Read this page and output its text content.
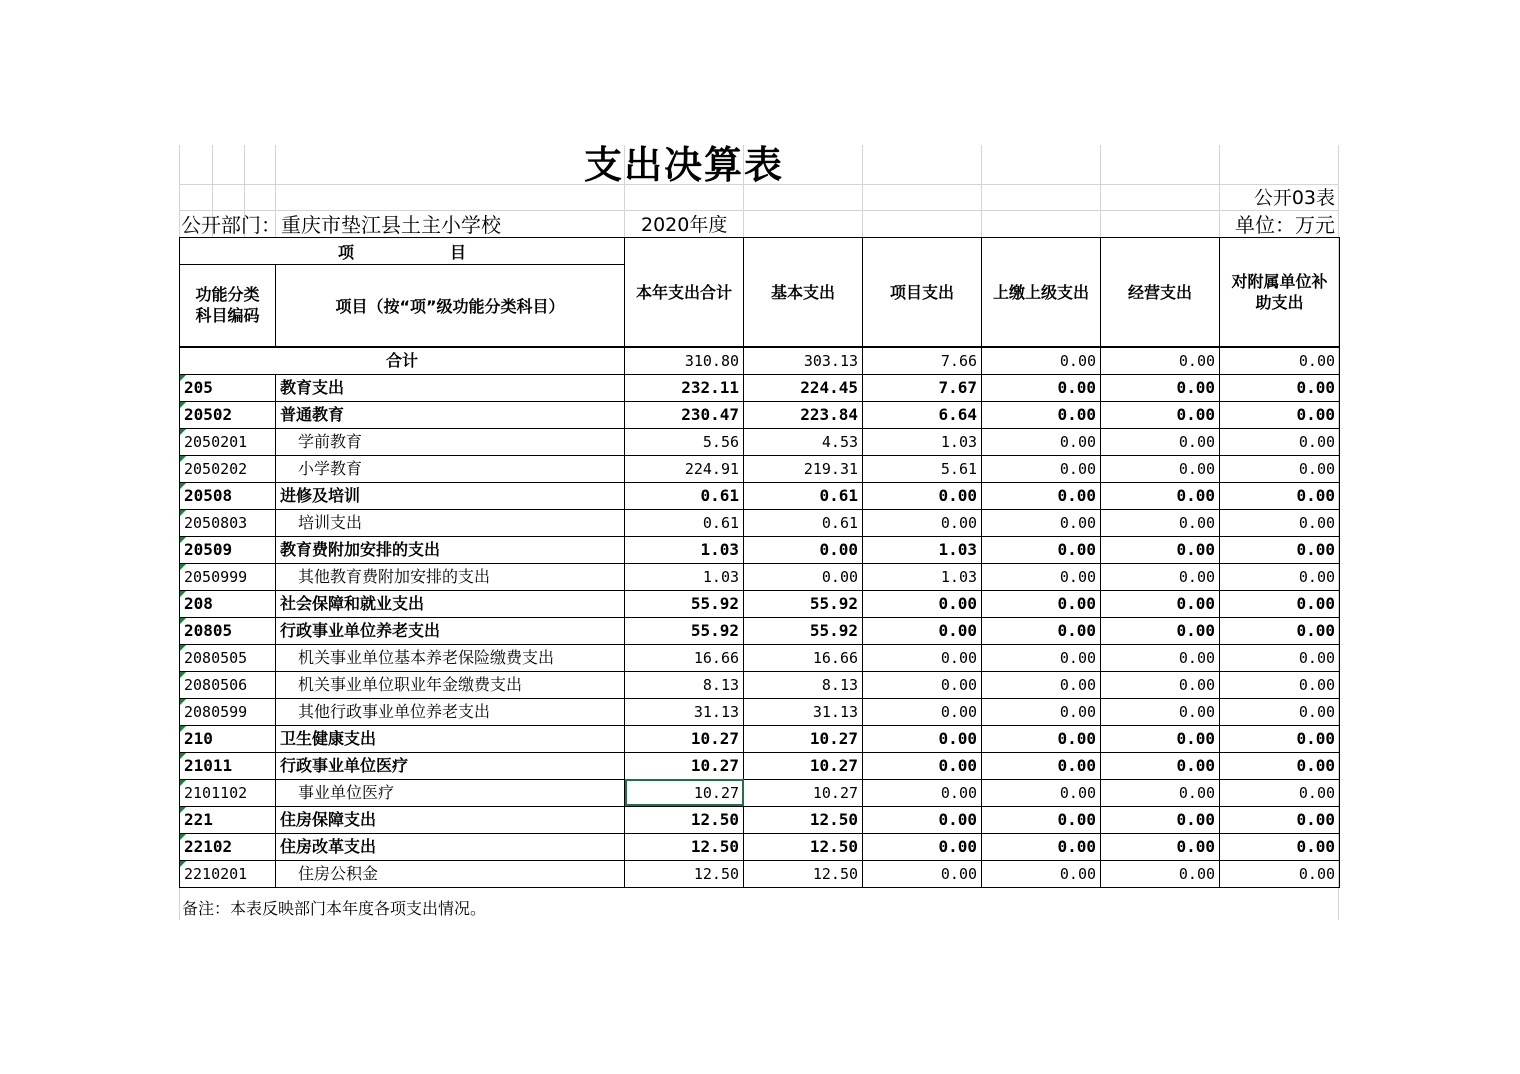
支出决算表
公开03表
公开部门：重庆市垫江县土主小学校	2020年度	单位：万元
项　　　　　　目		本年支出合计	基本支出	项目支出	上缴上级支出	经营支出	对附属单位补助支出
功能分类
科目编码	项目（按“项”级功能分类科目）						
合计		310.80	303.13	7.66	0.00	0.00	0.00
205	教育支出	232.11	224.45	7.67	0.00	0.00	0.00
20502	普通教育	230.47	223.84	6.64	0.00	0.00	0.00
2050201	学前教育	5.56	4.53	1.03	0.00	0.00	0.00
2050202	小学教育	224.91	219.31	5.61	0.00	0.00	0.00
20508	进修及培训	0.61	0.61	0.00	0.00	0.00	0.00
2050803	培训支出	0.61	0.61	0.00	0.00	0.00	0.00
20509	教育费附加安排的支出	1.03	0.00	1.03	0.00	0.00	0.00
2050999	其他教育费附加安排的支出	1.03	0.00	1.03	0.00	0.00	0.00
208	社会保障和就业支出	55.92	55.92	0.00	0.00	0.00	0.00
20805	行政事业单位养老支出	55.92	55.92	0.00	0.00	0.00	0.00
2080505	机关事业单位基本养老保险缴费支出	16.66	16.66	0.00	0.00	0.00	0.00
2080506	机关事业单位职业年金缴费支出	8.13	8.13	0.00	0.00	0.00	0.00
2080599	其他行政事业单位养老支出	31.13	31.13	0.00	0.00	0.00	0.00
210	卫生健康支出	10.27	10.27	0.00	0.00	0.00	0.00
21011	行政事业单位医疗	10.27	10.27	0.00	0.00	0.00	0.00
2101102	事业单位医疗	10.27	10.27	0.00	0.00	0.00	0.00
221	住房保障支出	12.50	12.50	0.00	0.00	0.00	0.00
22102	住房改革支出	12.50	12.50	0.00	0.00	0.00	0.00
2210201	住房公积金	12.50	12.50	0.00	0.00	0.00	0.00
备注：本表反映部门本年度各项支出情况。
